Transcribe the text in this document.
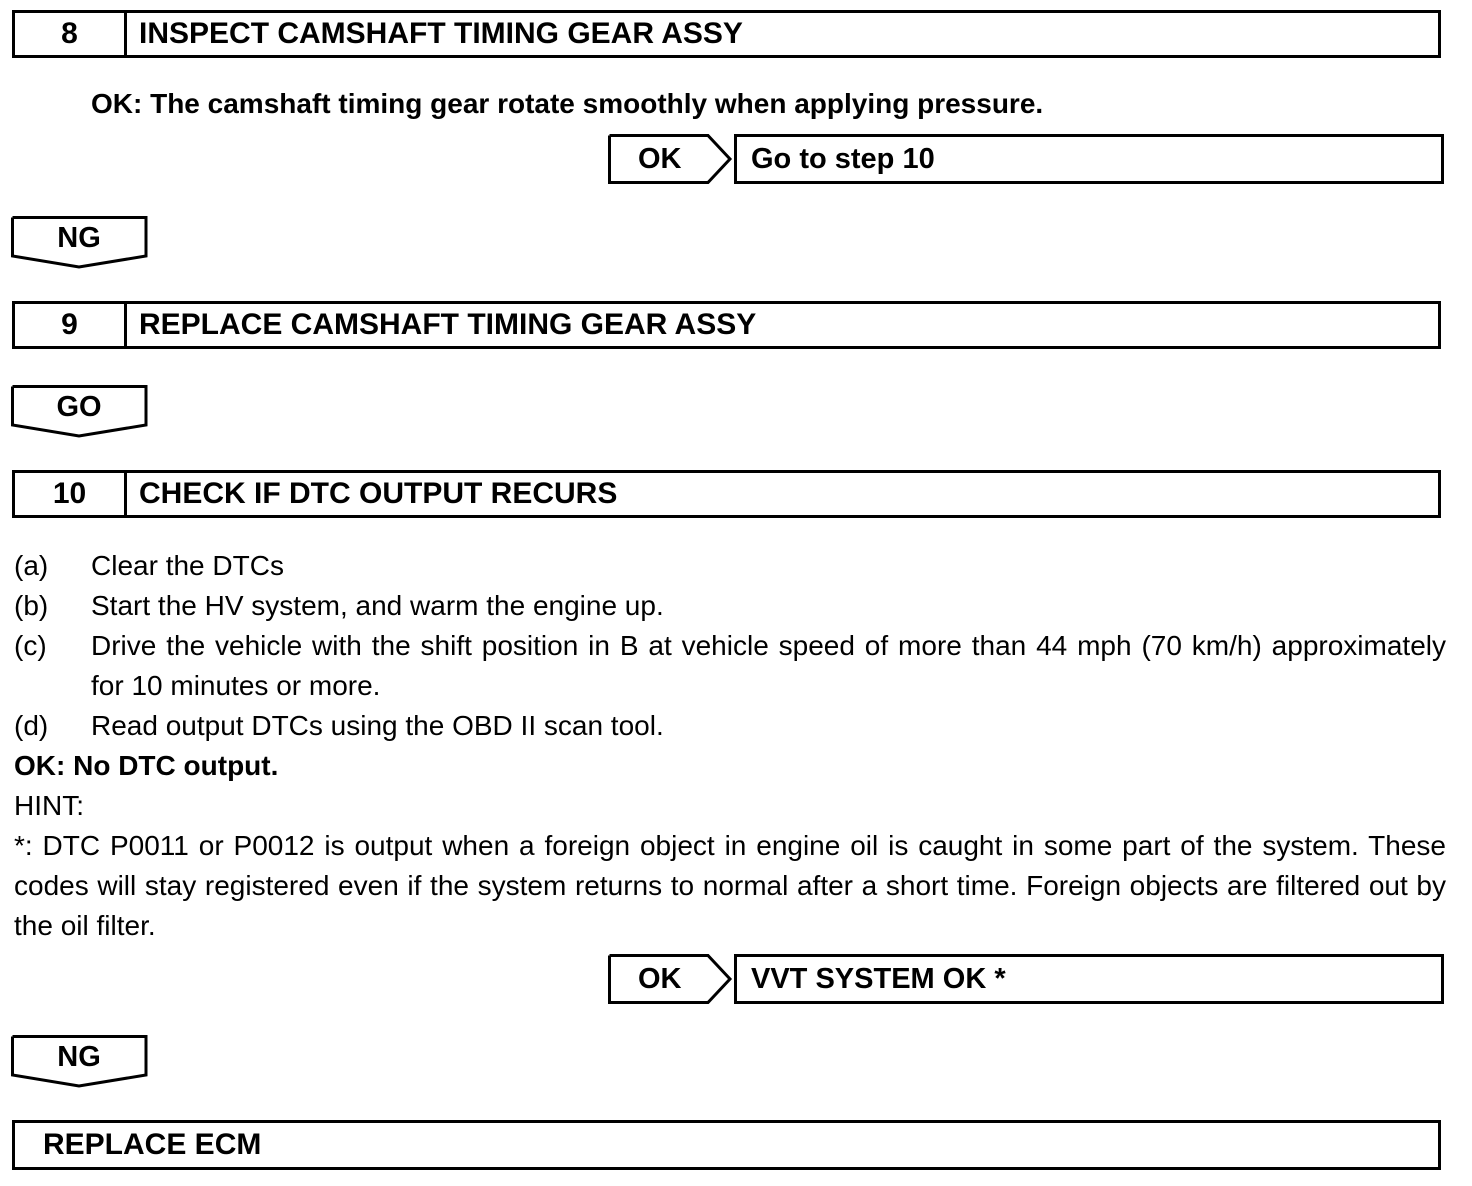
8	INSPECT CAMSHAFT TIMING GEAR ASSY
OK: The camshaft timing gear rotate smoothly when applying pressure.
OK	Go to step 10
NG
9	REPLACE CAMSHAFT TIMING GEAR ASSY
GO
10	CHECK IF DTC OUTPUT RECURS
(a)	Clear the DTCs
(b)	Start the HV system, and warm the engine up.
(c)	Drive the vehicle with the shift position in B at vehicle speed of more than 44 mph (70 km/h) approximately for 10 minutes or more.
(d)	Read output DTCs using the OBD II scan tool.
OK: No DTC output.
HINT:
*: DTC P0011 or P0012 is output when a foreign object in engine oil is caught in some part of the system. These codes will stay registered even if the system returns to normal after a short time. Foreign objects are filtered out by the oil filter.
OK	VVT SYSTEM OK *
NG
REPLACE ECM
